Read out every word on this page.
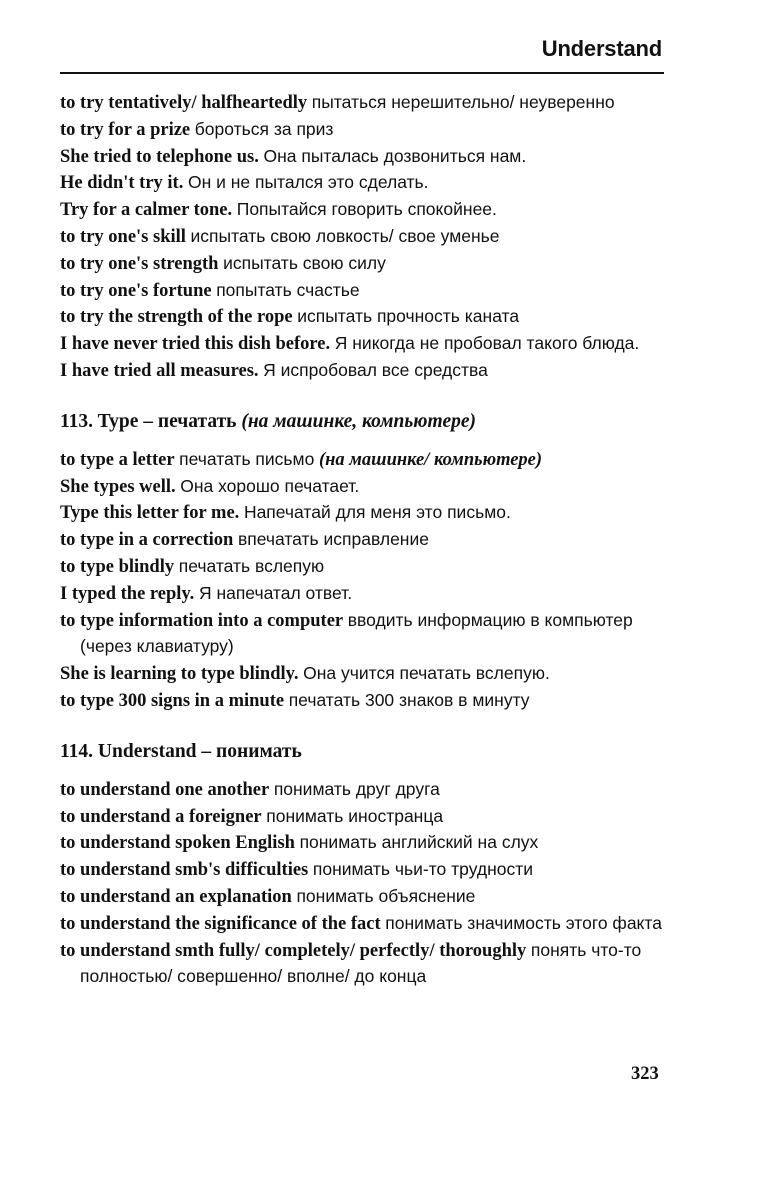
Understand
to try tentatively/ halfheartedly пытаться нерешительно/ неуверенно
to try for a prize бороться за приз
She tried to telephone us. Она пыталась дозвониться нам.
He didn't try it. Он и не пытался это сделать.
Try for a calmer tone. Попытайся говорить спокойнее.
to try one's skill испытать свою ловкость/ свое уменье
to try one's strength испытать свою силу
to try one's fortune попытать счастье
to try the strength of the rope испытать прочность каната
I have never tried this dish before. Я никогда не пробовал такого блюда.
I have tried all measures. Я испробовал все средства
113. Type – печатать (на машинке, компьютере)
to type a letter печатать письмо (на машинке/ компьютере)
She types well. Она хорошо печатает.
Type this letter for me. Напечатай для меня это письмо.
to type in a correction впечатать исправление
to type blindly печатать вслепую
I typed the reply. Я напечатал ответ.
to type information into a computer вводить информацию в компьютер (через клавиатуру)
She is learning to type blindly. Она учится печатать вслепую.
to type 300 signs in a minute печатать 300 знаков в минуту
114. Understand – понимать
to understand one another понимать друг друга
to understand a foreigner понимать иностранца
to understand spoken English понимать английский на слух
to understand smb's difficulties понимать чьи-то трудности
to understand an explanation понимать объяснение
to understand the significance of the fact понимать значимость этого факта
to understand smth fully/ completely/ perfectly/ thoroughly понять что-то полностью/ совершенно/ вполне/ до конца
323
